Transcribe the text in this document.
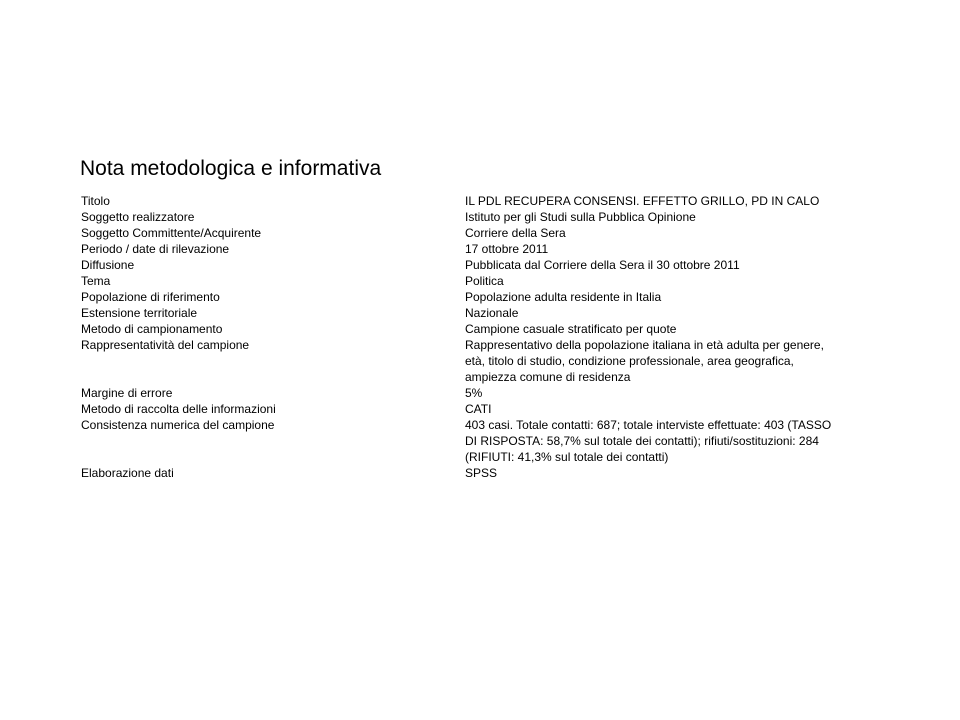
Nota metodologica e informativa
Titolo	IL PDL RECUPERA CONSENSI. EFFETTO GRILLO, PD IN CALO
Soggetto realizzatore	Istituto per gli Studi sulla Pubblica Opinione
Soggetto Committente/Acquirente	Corriere della Sera
Periodo / date di rilevazione	17 ottobre 2011
Diffusione	Pubblicata dal Corriere della Sera il 30 ottobre 2011
Tema	Politica
Popolazione di riferimento	Popolazione adulta residente in Italia
Estensione territoriale	Nazionale
Metodo di campionamento	Campione casuale stratificato per quote
Rappresentatività del campione	Rappresentativo della popolazione italiana in età adulta per genere,
età, titolo di studio, condizione professionale, area geografica,
ampiezza comune di residenza
Margine di errore	5%
Metodo di raccolta delle informazioni	CATI
Consistenza numerica del campione	403 casi. Totale contatti: 687; totale interviste effettuate: 403 (TASSO
DI RISPOSTA: 58,7% sul totale dei contatti); rifiuti/sostituzioni: 284
(RIFIUTI: 41,3% sul totale dei contatti)
Elaborazione dati	SPSS
